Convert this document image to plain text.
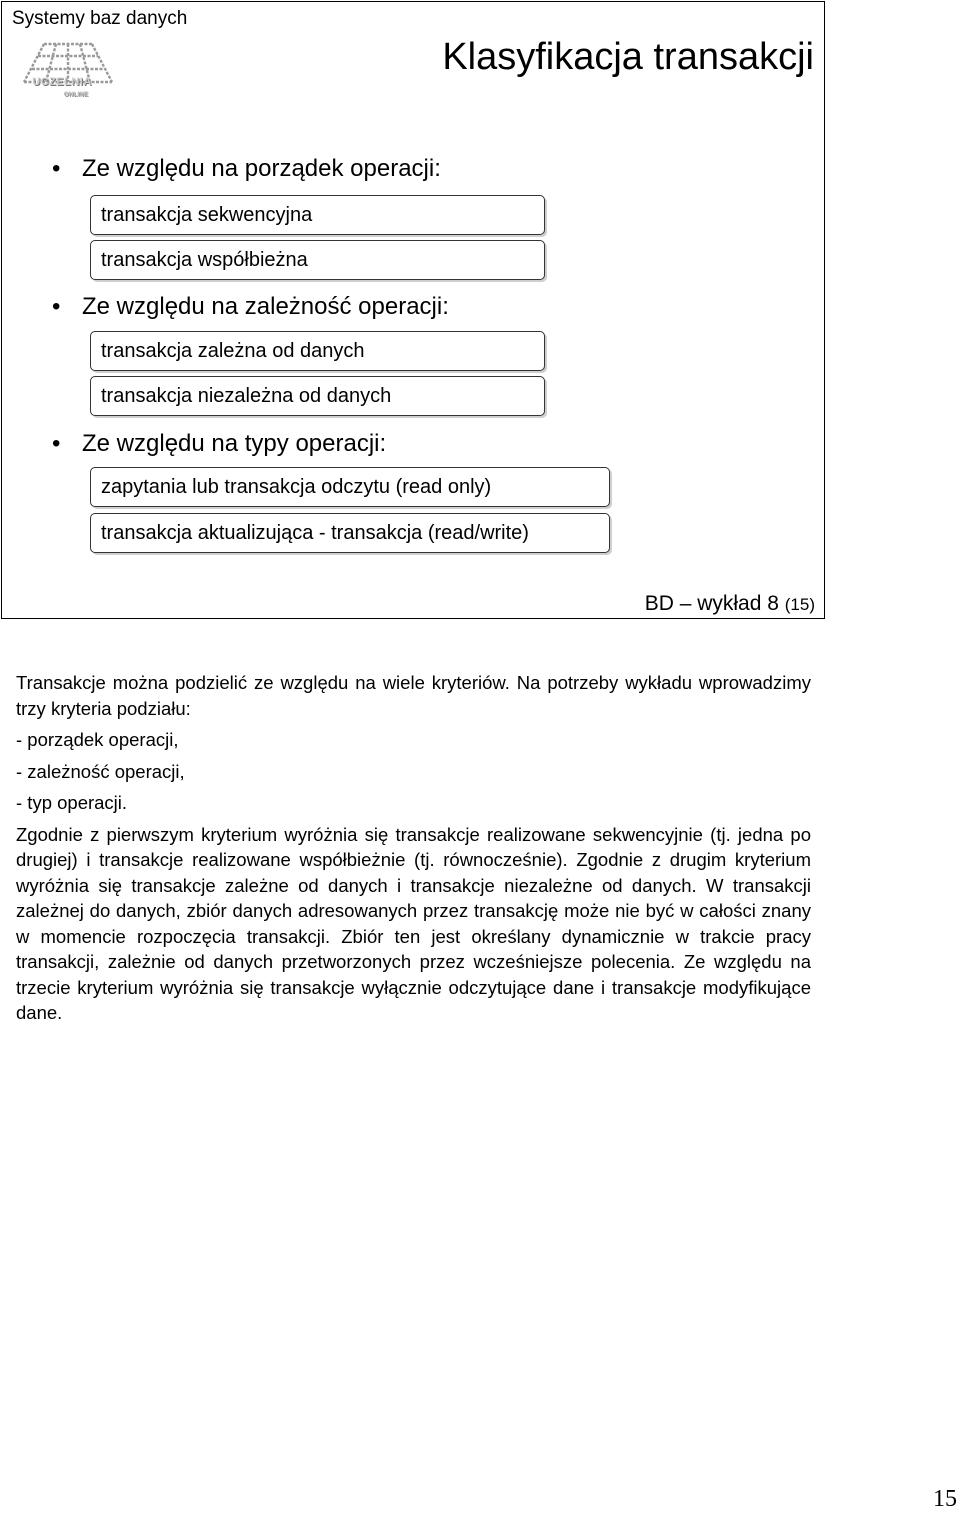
Systemy baz danych
UCZELNIA
ONLINE
Klasyfikacja transakcji
• Ze względu na porządek operacji:
transakcja sekwencyjna
transakcja współbieżna
• Ze względu na zależność operacji:
transakcja zależna od danych
transakcja niezależna od danych
• Ze względu na typy operacji:
zapytania lub transakcja odczytu (read only)
transakcja aktualizująca - transakcja (read/write)
BD – wykład 8 (15)

Transakcje można podzielić ze względu na wiele kryteriów. Na potrzeby wykładu wprowadzimy trzy kryteria podziału:

- porządek operacji,

- zależność operacji,

- typ operacji.

Zgodnie z pierwszym kryterium wyróżnia się transakcje realizowane sekwencyjnie (tj. jedna po drugiej) i transakcje realizowane współbieżnie (tj. równocześnie). Zgodnie z drugim kryterium wyróżnia się transakcje zależne od danych i transakcje niezależne od danych. W transakcji zależnej do danych, zbiór danych adresowanych przez transakcję może nie być w całości znany w momencie rozpoczęcia transakcji. Zbiór ten jest określany dynamicznie w trakcie pracy transakcji, zależnie od danych przetworzonych przez wcześniejsze polecenia. Ze względu na trzecie kryterium wyróżnia się transakcje wyłącznie odczytujące dane i transakcje modyfikujące dane.

15
